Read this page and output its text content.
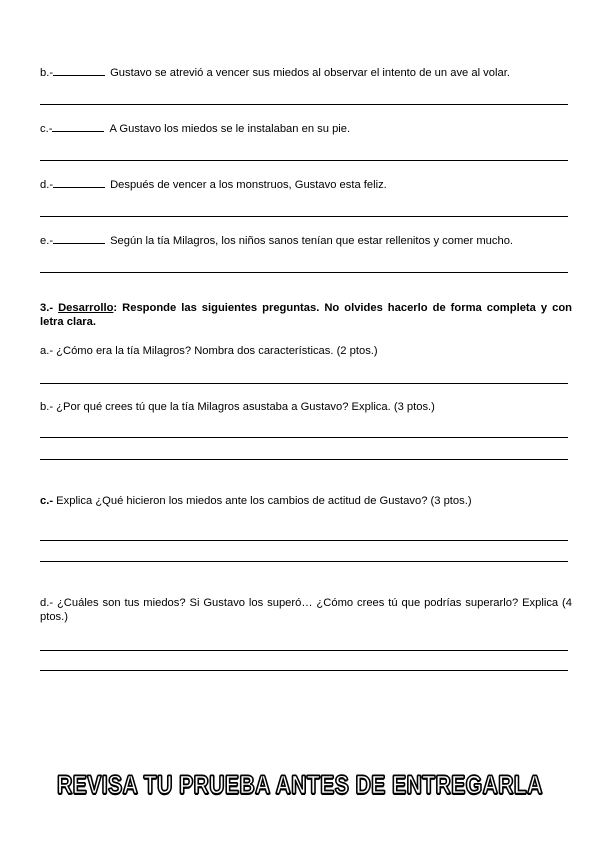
b.-	Gustavo se atrevió a vencer sus miedos al observar el intento de un ave al volar.
c.-	A Gustavo los miedos se le instalaban en su pie.
d.-	Después de vencer a los monstruos, Gustavo esta feliz.
e.-	Según la tía Milagros, los niños sanos tenían que estar rellenitos y comer mucho.
3.- Desarrollo: Responde las siguientes preguntas. No olvides hacerlo de forma completa y con letra clara.
a.- ¿Cómo era la tía Milagros? Nombra dos características. (2 ptos.)
b.- ¿Por qué crees tú que la tía Milagros asustaba a Gustavo? Explica. (3 ptos.)
c.- Explica ¿Qué hicieron los miedos ante los cambios de actitud de Gustavo? (3 ptos.)
d.- ¿Cuáles son tus miedos? Si Gustavo los superó… ¿Cómo crees tú que podrías superarlo? Explica (4 ptos.)
REVISA TU PRUEBA ANTES DE ENTREGARLA
